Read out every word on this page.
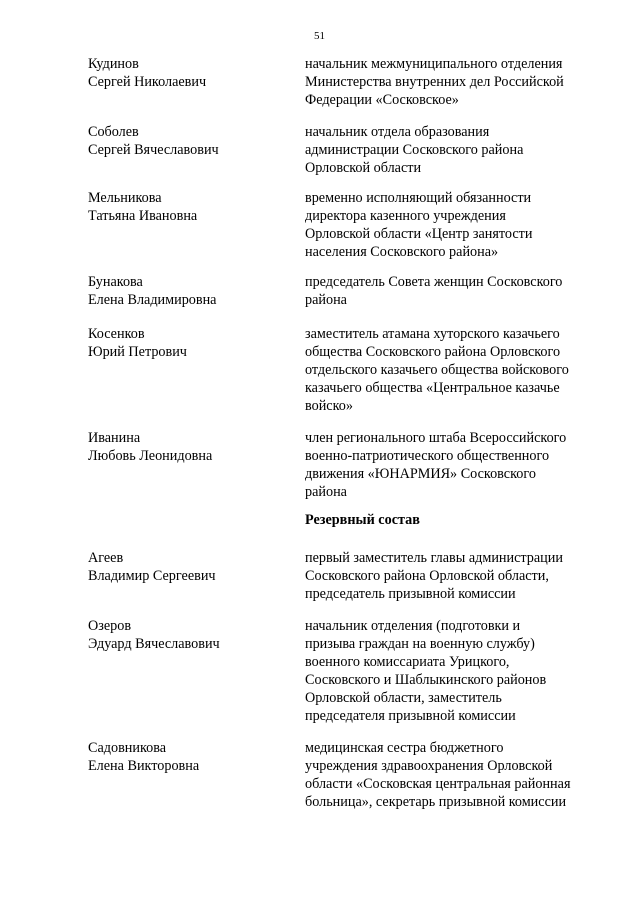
51
Кудинов
Сергей Николаевич
начальник межмуниципального отделения
Министерства внутренних дел Российской
Федерации «Сосковское»
Соболев
Сергей Вячеславович
начальник отдела образования
администрации Сосковского района
Орловской области
Мельникова
Татьяна Ивановна
временно исполняющий обязанности
директора казенного учреждения
Орловской области «Центр занятости
населения Сосковского района»
Бунакова
Елена Владимировна
председатель Совета женщин Сосковского
района
Косенков
Юрий Петрович
заместитель атамана хуторского казачьего
общества Сосковского района Орловского
отдельского казачьего общества войскового
казачьего общества «Центральное казачье
войско»
Иванина
Любовь Леонидовна
член регионального штаба Всероссийского
военно-патриотического общественного
движения «ЮНАРМИЯ» Сосковского
района
Резервный состав
Агеев
Владимир Сергеевич
первый заместитель главы администрации
Сосковского района Орловской области,
председатель призывной комиссии
Озеров
Эдуард Вячеславович
начальник отделения (подготовки и
призыва граждан на военную службу)
военного комиссариата Урицкого,
Сосковского и Шаблыкинского районов
Орловской области, заместитель
председателя призывной комиссии
Садовникова
Елена Викторовна
медицинская сестра бюджетного
учреждения здравоохранения Орловской
области «Сосковская центральная районная
больница», секретарь призывной комиссии
